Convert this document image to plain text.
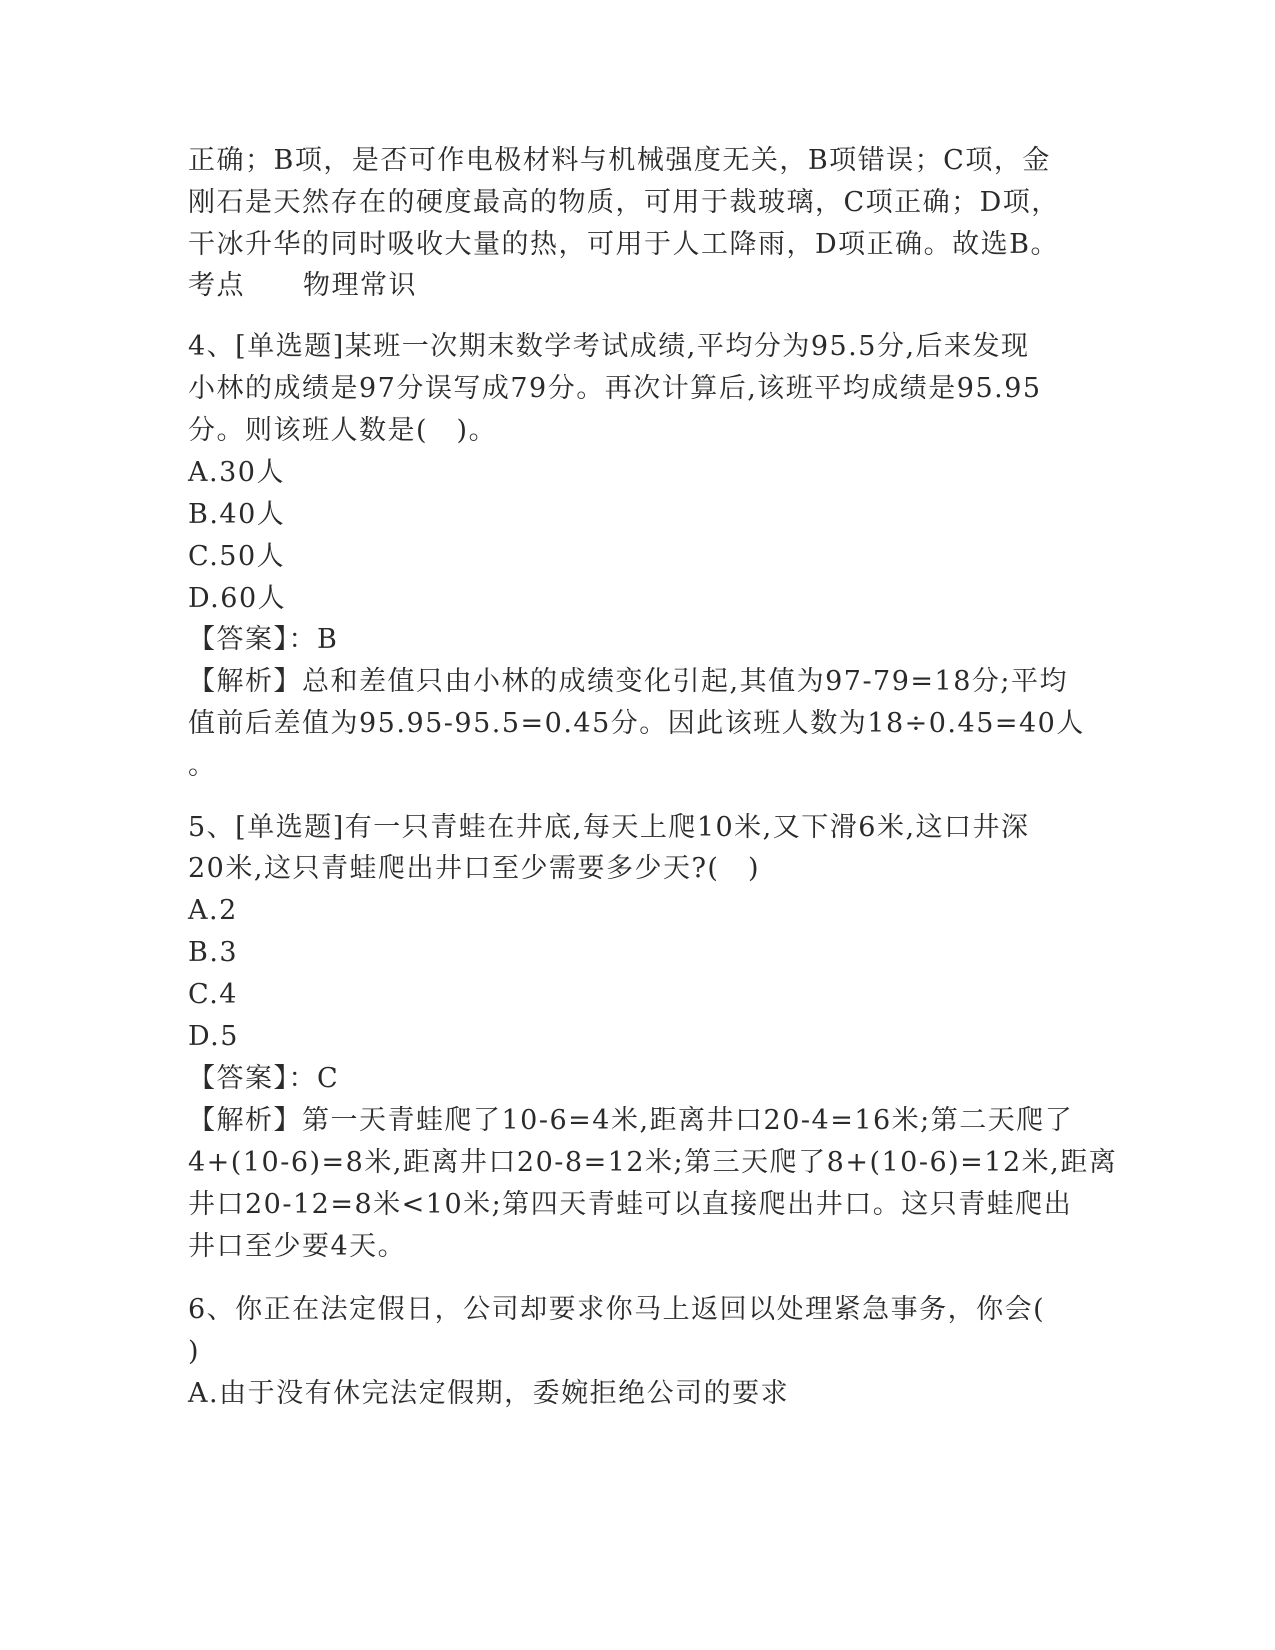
正确；B项，是否可作电极材料与机械强度无关，B项错误；C项，金
刚石是天然存在的硬度最高的物质，可用于裁玻璃，C项正确；D项，
干冰升华的同时吸收大量的热，可用于人工降雨，D项正确。故选B。
考点 物理常识
4、[单选题]某班一次期末数学考试成绩,平均分为95.5分,后来发现
小林的成绩是97分误写成79分。再次计算后,该班平均成绩是95.95
分。则该班人数是(　)。
A.30人
B.40人
C.50人
D.60人
【答案】：B
【解析】总和差值只由小林的成绩变化引起,其值为97-79=18分;平均
值前后差值为95.95-95.5=0.45分。因此该班人数为18÷0.45=40人
。
5、[单选题]有一只青蛙在井底,每天上爬10米,又下滑6米,这口井深
20米,这只青蛙爬出井口至少需要多少天?(　)
A.2
B.3
C.4
D.5
【答案】：C
【解析】第一天青蛙爬了10-6=4米,距离井口20-4=16米;第二天爬了
4+(10-6)=8米,距离井口20-8=12米;第三天爬了8+(10-6)=12米,距离
井口20-12=8米<10米;第四天青蛙可以直接爬出井口。这只青蛙爬出
井口至少要4天。
6、你正在法定假日，公司却要求你马上返回以处理紧急事务，你会(
)
A.由于没有休完法定假期，委婉拒绝公司的要求
